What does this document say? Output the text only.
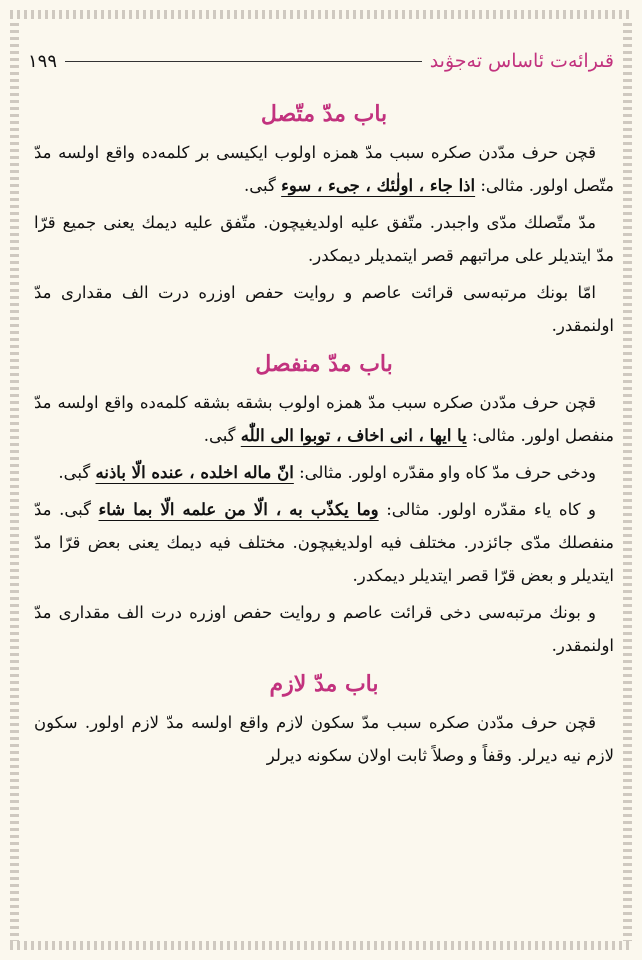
قىرائەت ئاساس تەجۋىد
١٩٩
باب مدّ متّصل

قچن حرف مدّدن صكره سبب مدّ همزه اولوب ايكيسى بر كلمه‌ده واقع اولسه مدّ متّصل اولور. مثالى: اذا جاء ، اولٰئك ، جیء ، سوء گبى.

مدّ متّصلك مدّى واجبدر. متّفق علیه اولدیغیچون. متّفق علیه دیمك یعنى جمیع قرّا مدّ ایتدیلر على مراتبهم قصر ایتمدیلر دیمكدر.

امّا بونك مرتبه‌سى قرائت عاصم و روایت حفص اوزره درت الف مقدارى مدّ اولنمقدر.

باب مدّ منفصل

قچن حرف مدّدن صكره سبب مدّ همزه اولوب بشقه بشقه كلمه‌ده واقع اولسه مدّ منفصل اولور. مثالى: یا ایها ، انى اخاف ، توبوا الى اللّٰه گبى.

ودخى حرف مدّ كاه واو مقدّره اولور. مثالى: انّ ماله اخلده ، عنده الّا باذنه گبى.

و كاه یاء مقدّره اولور. مثالى: وما یكذّب به ، الّا من علمه الّا بما شاء گبى. مدّ منفصلك مدّى جائزدر. مختلف فیه اولدیغیچون. مختلف فیه دیمك یعنى بعض قرّا مدّ ایتدیلر و بعض قرّا قصر ایتدیلر دیمكدر.

و بونك مرتبه‌سى دخى قرائت عاصم و روایت حفص اوزره درت الف مقدارى مدّ اولنمقدر.

باب مدّ لازم

قچن حرف مدّدن صكره سبب مدّ سكون لازم واقع اولسه مدّ لازم اولور. سكون لازم نیه دیرلر. وقفاً و وصلاً ثابت اولان سكونه دیرلر
